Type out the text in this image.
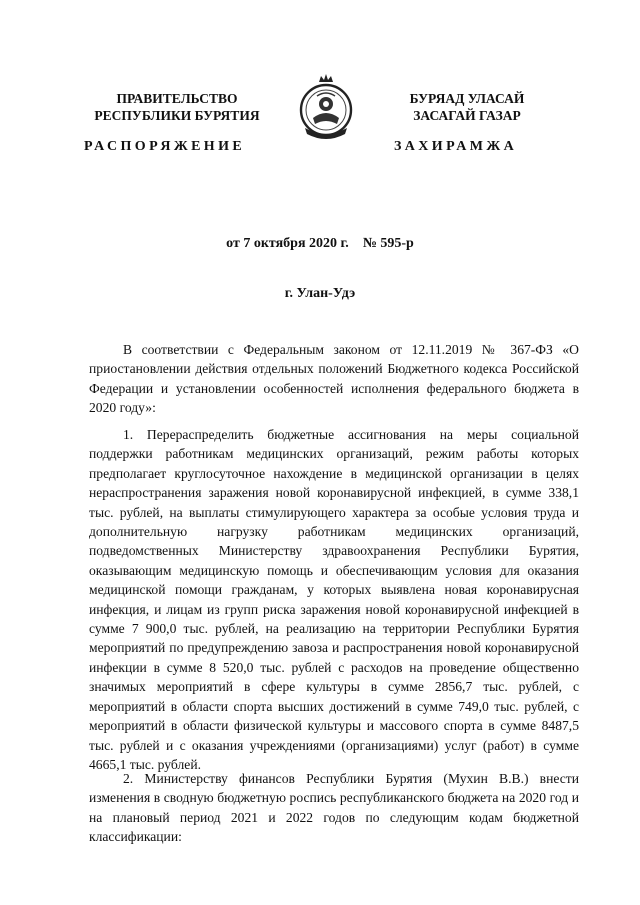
ПРАВИТЕЛЬСТВО
РЕСПУБЛИКИ БУРЯТИЯ
БУРЯАД УЛАСАЙ
ЗАСАГАЙ ГАЗАР
РАСПОРЯЖЕНИЕ	ЗАХИРАМЖА
от 7 октября 2020 г. № 595-р
г. Улан-Удэ

В соответствии с Федеральным законом от 12.11.2019 № 367-ФЗ «О приостановлении действия отдельных положений Бюджетного кодекса Российской Федерации и установлении особенностей исполнения федерального бюджета в 2020 году»:

1. Перераспределить бюджетные ассигнования на меры социальной поддержки работникам медицинских организаций, режим работы которых предполагает круглосуточное нахождение в медицинской организации в целях нераспространения заражения новой коронавирусной инфекцией, в сумме 338,1 тыс. рублей, на выплаты стимулирующего характера за особые условия труда и дополнительную нагрузку работникам медицинских организаций, подведомственных Министерству здравоохранения Республики Бурятия, оказывающим медицинскую помощь и обеспечивающим условия для оказания медицинской помощи гражданам, у которых выявлена новая коронавирусная инфекция, и лицам из групп риска заражения новой коронавирусной инфекцией в сумме 7 900,0 тыс. рублей, на реализацию на территории Республики Бурятия мероприятий по предупреждению завоза и распространения новой коронавирусной инфекции в сумме 8 520,0 тыс. рублей с расходов на проведение общественно значимых мероприятий в сфере культуры в сумме 2856,7 тыс. рублей, с мероприятий в области спорта высших достижений в сумме 749,0 тыс. рублей, с мероприятий в области физической культуры и массового спорта в сумме 8487,5 тыс. рублей и с оказания учреждениями (организациями) услуг (работ) в сумме 4665,1 тыс. рублей.

2. Министерству финансов Республики Бурятия (Мухин В.В.) внести изменения в сводную бюджетную роспись республиканского бюджета на 2020 год и на плановый период 2021 и 2022 годов по следующим кодам бюджетной классификации:
